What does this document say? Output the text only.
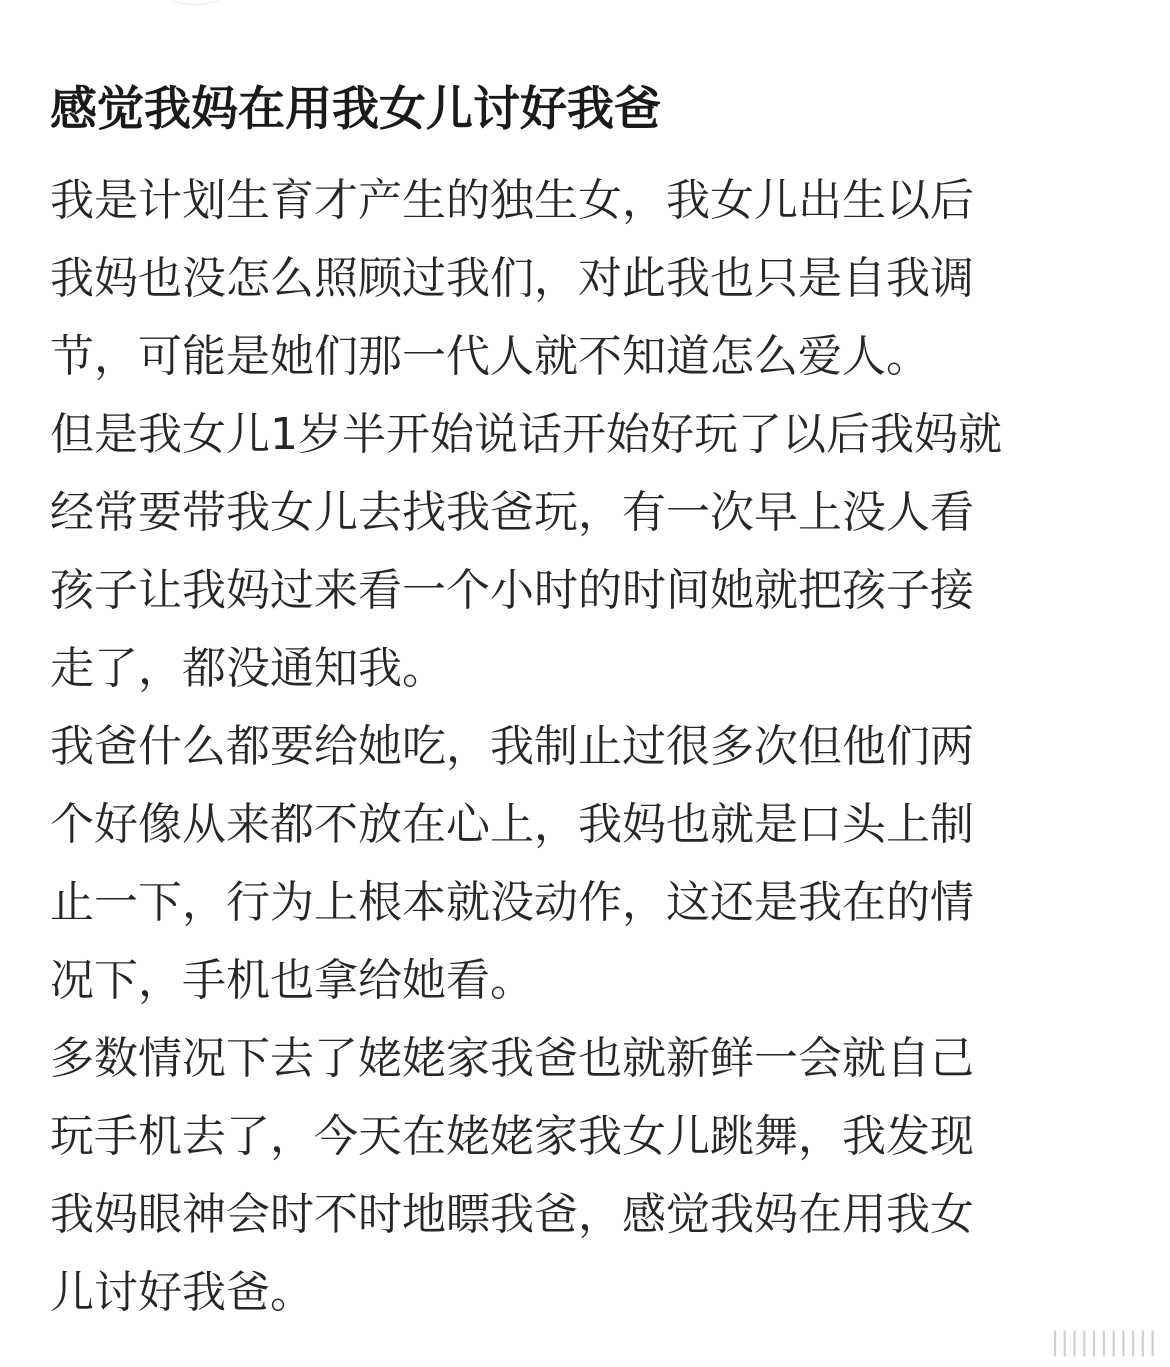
感觉我妈在用我女儿讨好我爸
我是计划生育才产生的独生女，我女儿出生以后
我妈也没怎么照顾过我们，对此我也只是自我调
节，可能是她们那一代人就不知道怎么爱人。
但是我女儿1岁半开始说话开始好玩了以后我妈就
经常要带我女儿去找我爸玩，有一次早上没人看
孩子让我妈过来看一个小时的时间她就把孩子接
走了，都没通知我。
我爸什么都要给她吃，我制止过很多次但他们两
个好像从来都不放在心上，我妈也就是口头上制
止一下，行为上根本就没动作，这还是我在的情
况下，手机也拿给她看。
多数情况下去了姥姥家我爸也就新鲜一会就自己
玩手机去了，今天在姥姥家我女儿跳舞，我发现
我妈眼神会时不时地瞟我爸，感觉我妈在用我女
儿讨好我爸。
|||||||||||
